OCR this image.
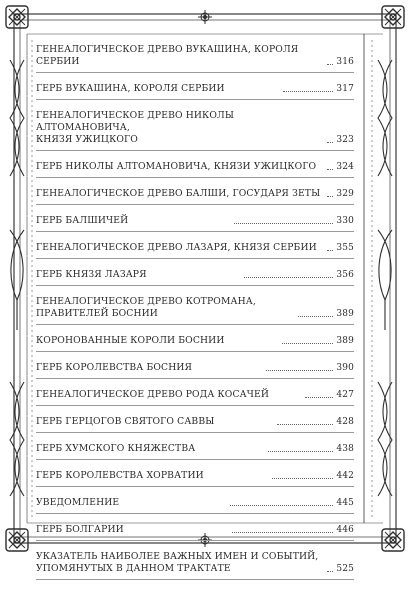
ГЕНЕАЛОГИЧЕСКОЕ ДРЕВО ВУКАШИНА, КОРОЛЯ СЕРБИИ	316
ГЕРБ ВУКАШИНА, КОРОЛЯ СЕРБИИ	317
ГЕНЕАЛОГИЧЕСКОЕ ДРЕВО НИКОЛЫ АЛТОМАНОВИЧА,
КНЯЗЯ УЖИЦКОГО	323
ГЕРБ НИКОЛЫ АЛТОМАНОВИЧА, КНЯЗИ УЖИЦКОГО	324
ГЕНЕАЛОГИЧЕСКОЕ ДРЕВО БАЛШИ, ГОСУДАРЯ ЗЕТЫ 329
ГЕРБ БАЛШИЧЕЙ	330
ГЕНЕАЛОГИЧЕСКОЕ ДРЕВО ЛАЗАРЯ, КНЯЗЯ СЕРБИИ	355
ГЕРБ КНЯЗЯ ЛАЗАРЯ	356
ГЕНЕАЛОГИЧЕСКОЕ ДРЕВО КОТРОМАНА,
ПРАВИТЕЛЕЙ БОСНИИ	389
КОРОНОВАННЫЕ КОРОЛИ БОСНИИ	389
ГЕРБ КОРОЛЕВСТВА БОСНИЯ	390
ГЕНЕАЛОГИЧЕСКОЕ ДРЕВО РОДА КОСАЧЕЙ	427
ГЕРБ ГЕРЦОГОВ СВЯТОГО САВВЫ	428
ГЕРБ ХУМСКОГО КНЯЖЕСТВА	438
ГЕРБ КОРОЛЕВСТВА ХОРВАТИИ	442
УВЕДОМЛЕНИЕ	445
ГЕРБ БОЛГАРИИ	446
УКАЗАТЕЛЬ НАИБОЛЕЕ ВАЖНЫХ ИМЕН И СОБЫТИЙ,
УПОМЯНУТЫХ В ДАННОМ ТРАКТАТЕ	525
